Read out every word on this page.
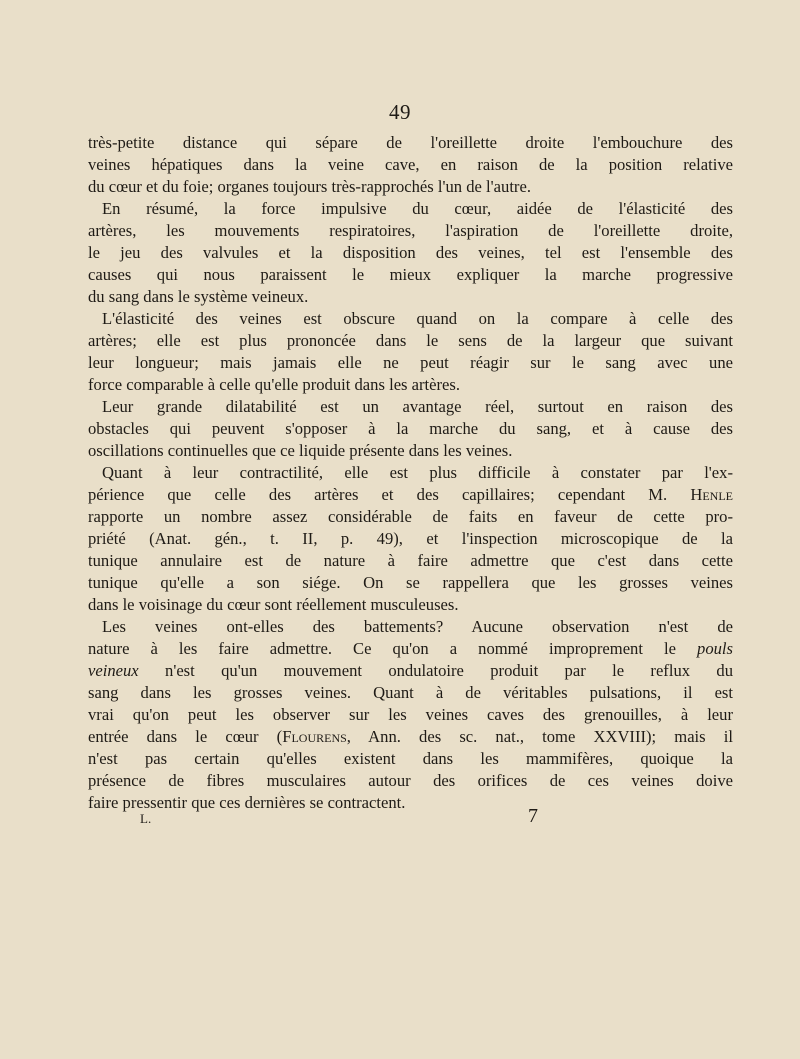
49
très-petite distance qui sépare de l'oreillette droite l'embouchure des
veines hépatiques dans la veine cave, en raison de la position relative
du cœur et du foie; organes toujours très-rapprochés l'un de l'autre.
En résumé, la force impulsive du cœur, aidée de l'élasticité des
artères, les mouvements respiratoires, l'aspiration de l'oreillette droite,
le jeu des valvules et la disposition des veines, tel est l'ensemble des
causes qui nous paraissent le mieux expliquer la marche progressive
du sang dans le système veineux.
L'élasticité des veines est obscure quand on la compare à celle des
artères; elle est plus prononcée dans le sens de la largeur que suivant
leur longueur; mais jamais elle ne peut réagir sur le sang avec une
force comparable à celle qu'elle produit dans les artères.
Leur grande dilatabilité est un avantage réel, surtout en raison des
obstacles qui peuvent s'opposer à la marche du sang, et à cause des
oscillations continuelles que ce liquide présente dans les veines.
Quant à leur contractilité, elle est plus difficile à constater par l'ex-
périence que celle des artères et des capillaires; cependant M. Henle
rapporte un nombre assez considérable de faits en faveur de cette pro-
priété (Anat. gén., t. II, p. 49), et l'inspection microscopique de la
tunique annulaire est de nature à faire admettre que c'est dans cette
tunique qu'elle a son siége. On se rappellera que les grosses veines
dans le voisinage du cœur sont réellement musculeuses.
Les veines ont-elles des battements? Aucune observation n'est de
nature à les faire admettre. Ce qu'on a nommé improprement le pouls
veineux n'est qu'un mouvement ondulatoire produit par le reflux du
sang dans les grosses veines. Quant à de véritables pulsations, il est
vrai qu'on peut les observer sur les veines caves des grenouilles, à leur
entrée dans le cœur (Flourens, Ann. des sc. nat., tome XXVIII); mais il
n'est pas certain qu'elles existent dans les mammifères, quoique la
présence de fibres musculaires autour des orifices de ces veines doive
faire pressentir que ces dernières se contractent.
L.	7
